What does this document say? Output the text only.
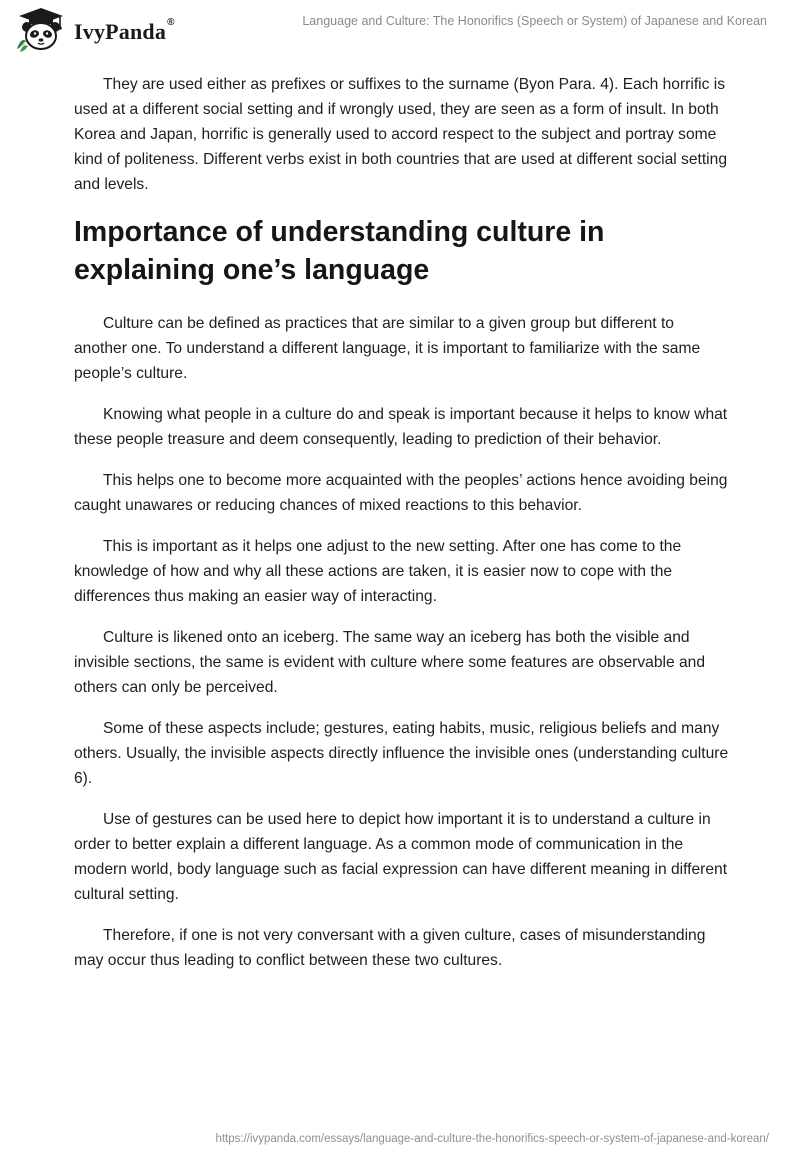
IvyPanda®	Language and Culture: The Honorifics (Speech or System) of Japanese and Korean

They are used either as prefixes or suffixes to the surname (Byon Para. 4). Each horrific is used at a different social setting and if wrongly used, they are seen as a form of insult. In both Korea and Japan, horrific is generally used to accord respect to the subject and portray some kind of politeness. Different verbs exist in both countries that are used at different social setting and levels.

Importance of understanding culture in explaining one’s language

Culture can be defined as practices that are similar to a given group but different to another one. To understand a different language, it is important to familiarize with the same people’s culture.

Knowing what people in a culture do and speak is important because it helps to know what these people treasure and deem consequently, leading to prediction of their behavior.

This helps one to become more acquainted with the peoples’ actions hence avoiding being caught unawares or reducing chances of mixed reactions to this behavior.

This is important as it helps one adjust to the new setting. After one has come to the knowledge of how and why all these actions are taken, it is easier now to cope with the differences thus making an easier way of interacting.

Culture is likened onto an iceberg. The same way an iceberg has both the visible and invisible sections, the same is evident with culture where some features are observable and others can only be perceived.

Some of these aspects include; gestures, eating habits, music, religious beliefs and many others. Usually, the invisible aspects directly influence the invisible ones (understanding culture 6).

Use of gestures can be used here to depict how important it is to understand a culture in order to better explain a different language. As a common mode of communication in the modern world, body language such as facial expression can have different meaning in different cultural setting.

Therefore, if one is not very conversant with a given culture, cases of misunderstanding may occur thus leading to conflict between these two cultures.

https://ivypanda.com/essays/language-and-culture-the-honorifics-speech-or-system-of-japanese-and-korean/
